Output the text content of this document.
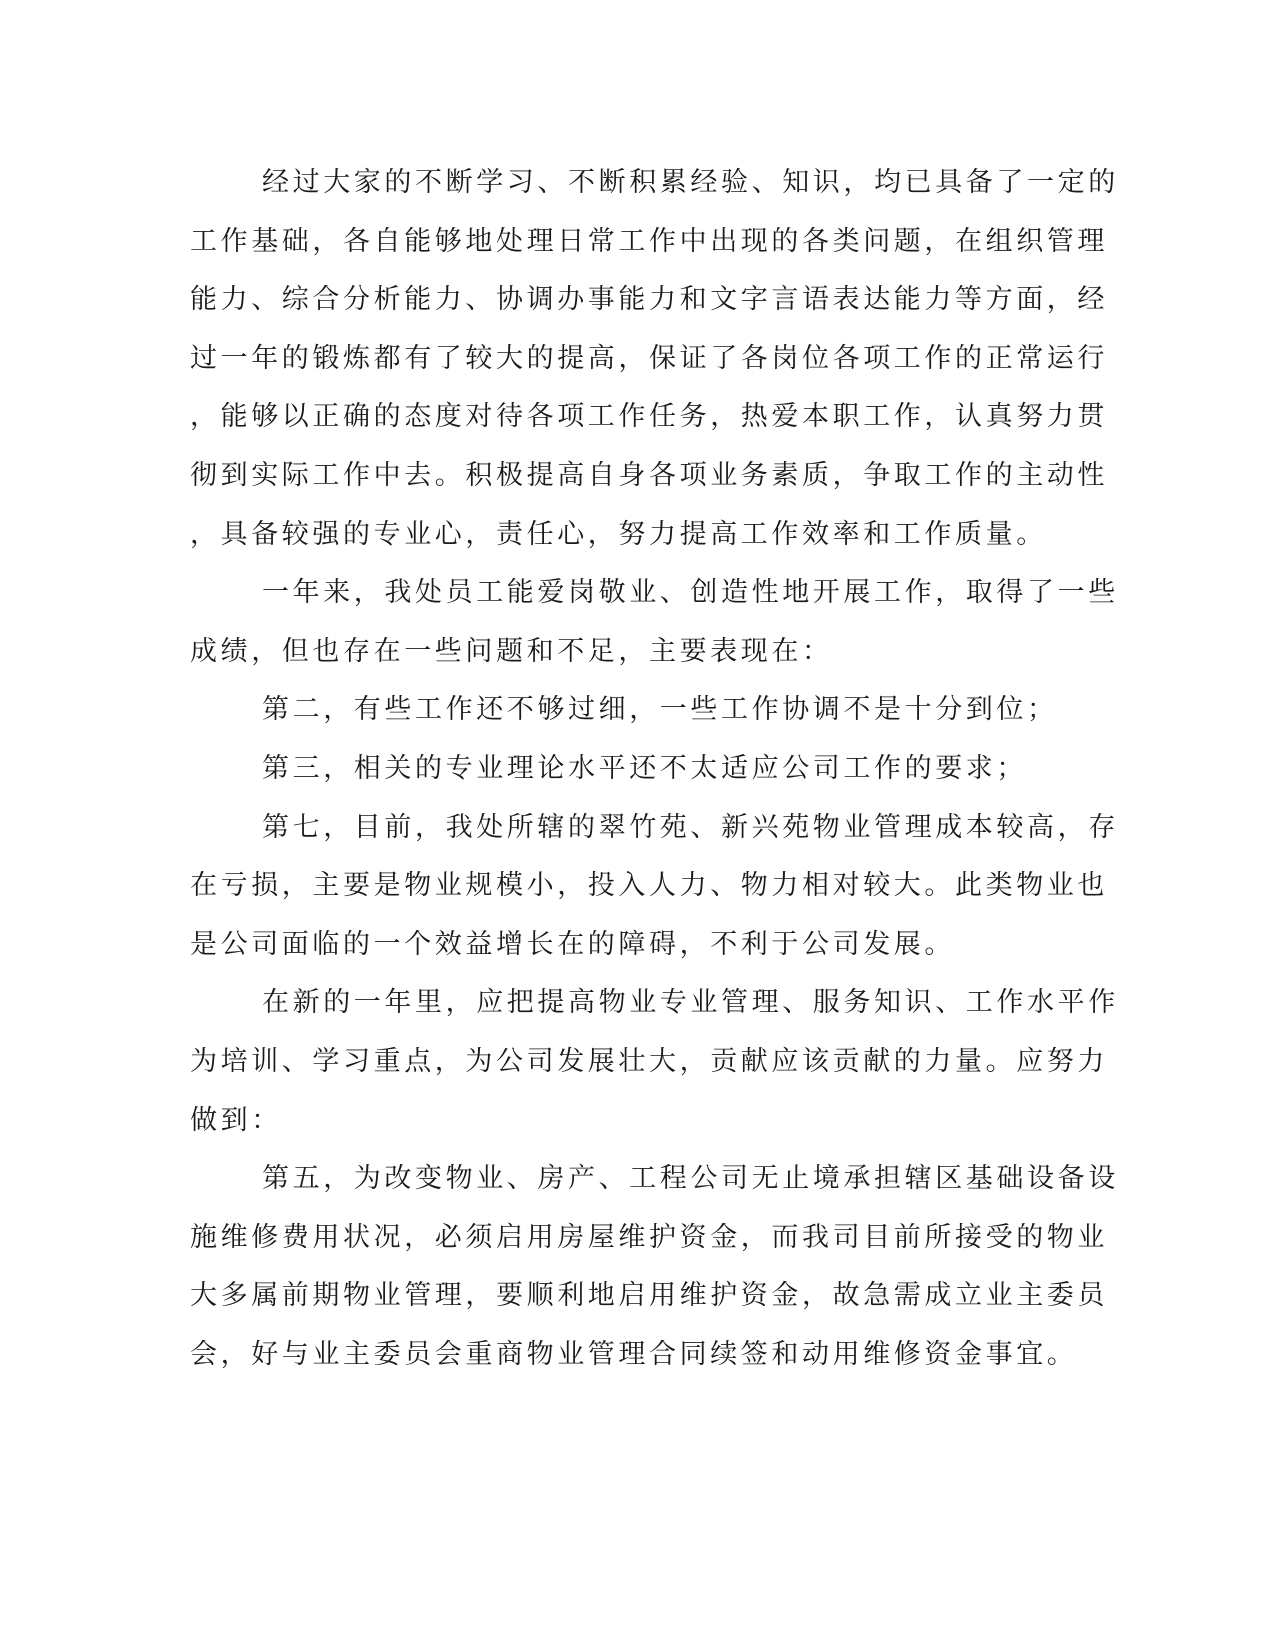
经过大家的不断学习、不断积累经验、知识，均已具备了一定的
工作基础，各自能够地处理日常工作中出现的各类问题，在组织管理
能力、综合分析能力、协调办事能力和文字言语表达能力等方面，经
过一年的锻炼都有了较大的提高，保证了各岗位各项工作的正常运行
，能够以正确的态度对待各项工作任务，热爱本职工作，认真努力贯
彻到实际工作中去。积极提高自身各项业务素质，争取工作的主动性
，具备较强的专业心，责任心，努力提高工作效率和工作质量。
一年来，我处员工能爱岗敬业、创造性地开展工作，取得了一些
成绩，但也存在一些问题和不足，主要表现在：
第二，有些工作还不够过细，一些工作协调不是十分到位；
第三，相关的专业理论水平还不太适应公司工作的要求；
第七，目前，我处所辖的翠竹苑、新兴苑物业管理成本较高，存
在亏损，主要是物业规模小，投入人力、物力相对较大。此类物业也
是公司面临的一个效益增长在的障碍，不利于公司发展。
在新的一年里，应把提高物业专业管理、服务知识、工作水平作
为培训、学习重点，为公司发展壮大，贡献应该贡献的力量。应努力
做到：
第五，为改变物业、房产、工程公司无止境承担辖区基础设备设
施维修费用状况，必须启用房屋维护资金，而我司目前所接受的物业
大多属前期物业管理，要顺利地启用维护资金，故急需成立业主委员
会，好与业主委员会重商物业管理合同续签和动用维修资金事宜。
